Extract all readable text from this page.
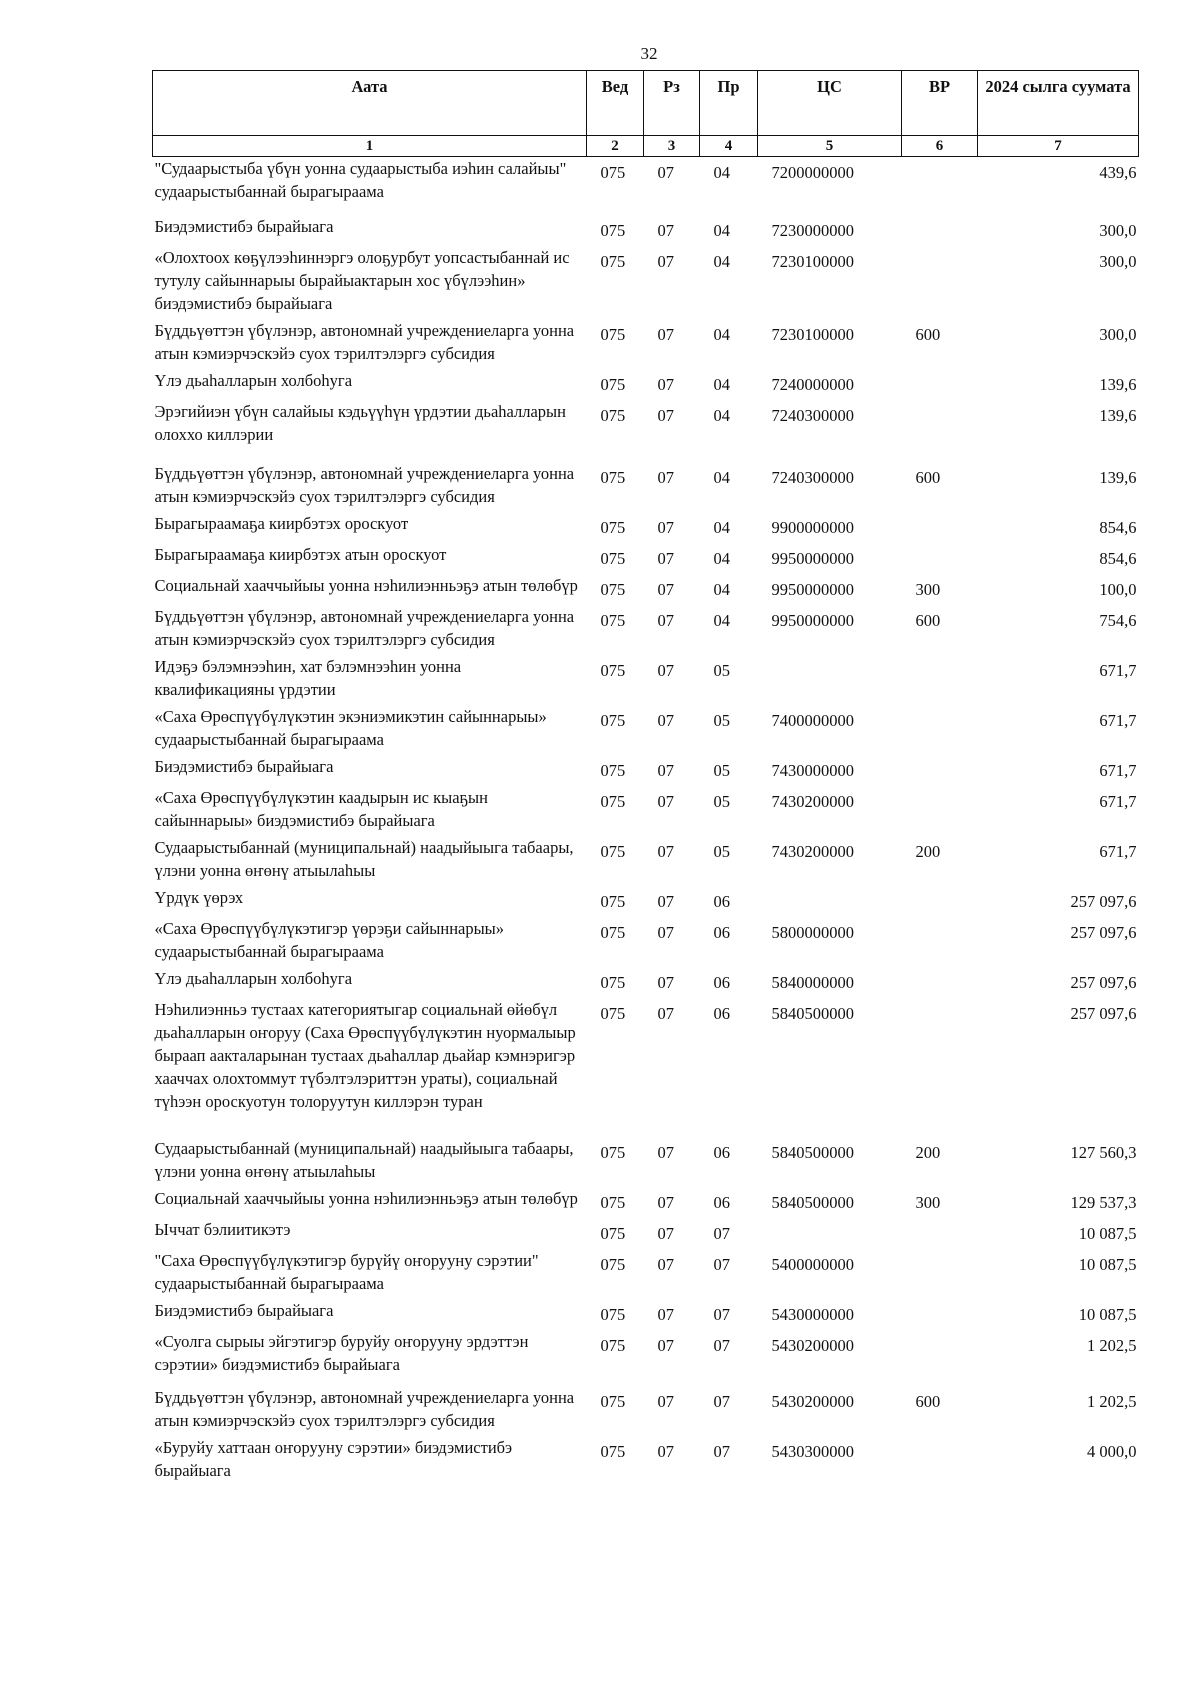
32
Аата	Вед	Рз	Пр	ЦС	ВР	2024 сылга суумата
1	2	3	4	5	6	7
"Судаарыстыба үбүн уонна судаарыстыба иэһин салайыы" судаарыстыбаннай бырагыраама	075	07	04	7200000000		439,6
Биэдэмистибэ бырайыага	075	07	04	7230000000		300,0
«Олохтоох көҕүлээһиннэргэ олоҕурбут уопсастыбаннай ис тутулу сайыннарыы бырайыактарын хос үбүлээһин» биэдэмистибэ бырайыага	075	07	04	7230100000		300,0
Бүддьүөттэн үбүлэнэр, автономнай учреждениеларга уонна атын кэмиэрчэскэйэ суох тэрилтэлэргэ субсидия	075	07	04	7230100000	600	300,0
Үлэ дьаһалларын холбоһуга	075	07	04	7240000000		139,6
Эрэгийиэн үбүн салайыы кэдьүүһүн үрдэтии дьаһалларын олоххо киллэрии	075	07	04	7240300000		139,6
Бүддьүөттэн үбүлэнэр, автономнай учреждениеларга уонна атын кэмиэрчэскэйэ суох тэрилтэлэргэ субсидия	075	07	04	7240300000	600	139,6
Бырагыраамаҕа киирбэтэх ороскуот	075	07	04	9900000000		854,6
Бырагыраамаҕа киирбэтэх атын ороскуот	075	07	04	9950000000		854,6
Социальнай хааччыйыы уонна нэһилиэнньэҕэ атын төлөбүр	075	07	04	9950000000	300	100,0
Бүддьүөттэн үбүлэнэр, автономнай учреждениеларга уонна атын кэмиэрчэскэйэ суох тэрилтэлэргэ субсидия	075	07	04	9950000000	600	754,6
Идэҕэ бэлэмнээһин, хат бэлэмнээһин уонна квалификацияны үрдэтии	075	07	05			671,7
«Саха Өрөспүүбүлүкэтин экэниэмикэтин сайыннарыы» судаарыстыбаннай бырагыраама	075	07	05	7400000000		671,7
Биэдэмистибэ бырайыага	075	07	05	7430000000		671,7
«Саха Өрөспүүбүлүкэтин каадырын ис кыаҕын сайыннарыы» биэдэмистибэ бырайыага	075	07	05	7430200000		671,7
Судаарыстыбаннай (муниципальнай) наадыйыыга табаары, үлэни уонна өҥөнү атыылаһыы	075	07	05	7430200000	200	671,7
Үрдүк үөрэх	075	07	06			257 097,6
«Саха Өрөспүүбүлүкэтигэр үөрэҕи сайыннарыы» судаарыстыбаннай бырагыраама	075	07	06	5800000000		257 097,6
Үлэ дьаһалларын холбоһуга	075	07	06	5840000000		257 097,6
Нэһилиэнньэ тустаах категориятыгар социальнай өйөбүл дьаһалларын оҥоруу (Саха Өрөспүүбүлүкэтин нуормалыыр быраап аакталарынан тустаах дьаһаллар дьайар кэмнэригэр хааччах олохтоммут түбэлтэлэриттэн ураты), социальнай түһээн ороскуотун толоруутун киллэрэн туран	075	07	06	5840500000		257 097,6
Судаарыстыбаннай (муниципальнай) наадыйыыга табаары, үлэни уонна өҥөнү атыылаһыы	075	07	06	5840500000	200	127 560,3
Социальнай хааччыйыы уонна нэһилиэнньэҕэ атын төлөбүр	075	07	06	5840500000	300	129 537,3
Ыччат бэлиитикэтэ	075	07	07			10 087,5
"Саха Өрөспүүбүлүкэтигэр бурүйү оҥорууну сэрэтии" судаарыстыбаннай бырагыраама	075	07	07	5400000000		10 087,5
Биэдэмистибэ бырайыага	075	07	07	5430000000		10 087,5
«Суолга сырыы эйгэтигэр буруйу оҥорууну эрдэттэн сэрэтии» биэдэмистибэ бырайыага	075	07	07	5430200000		1 202,5
Бүддьүөттэн үбүлэнэр, автономнай учреждениеларга уонна атын кэмиэрчэскэйэ суох тэрилтэлэргэ субсидия	075	07	07	5430200000	600	1 202,5
«Буруйу хаттаан оҥорууну сэрэтии» биэдэмистибэ бырайыага	075	07	07	5430300000		4 000,0
